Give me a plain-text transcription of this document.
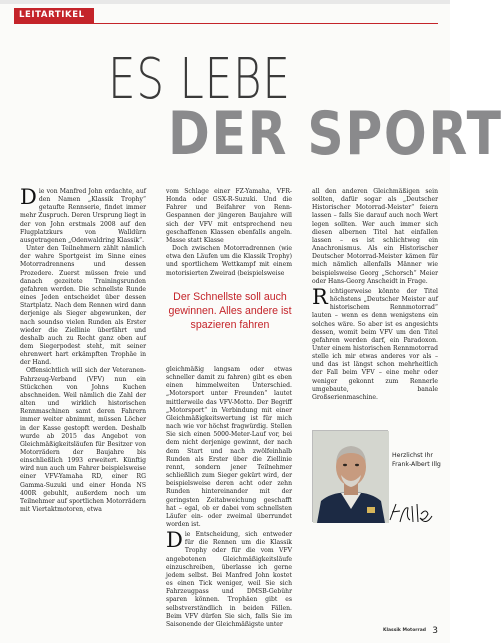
LEITARTIKEL
ES LEBE
DER SPORT

Die von Manfred John erdachte, auf den Namen „Klassik Trophy“ getaufte Rennserie, findet immer mehr Zuspruch. Deren Ursprung liegt in der von John erstmals 2008 auf den Flugplatzkurs von Walldürn ausgetragenen „Odenwaldring Klassik“.

Unter den Teilnehmern zählt nämlich der wahre Sportgeist im Sinne eines Motorradrennens und dessen Prozedere. Zuerst müssen freie und danach gezeitete Trainingsrunden gefahren werden. Die schnellste Runde eines Jeden entscheidet über dessen Startplatz. Nach dem Rennen wird dann derjenige als Sieger abgewunken, der nach soundso vielen Runden als Erster wieder die Ziellinie überfährt und deshalb auch zu Recht ganz oben auf dem Siegerpodest steht, mit seiner ehrenwert hart erkämpften Trophäe in der Hand.

Offensichtlich will sich der Veteranen-Fahrzeug-Verband (VFV) nun ein Stückchen von Johns Kuchen abschneiden. Weil nämlich die Zahl der alten und wirklich historischen Rennmaschinen samt deren Fahrern immer weiter abnimmt, müssen Löcher in der Kasse gestopft werden. Deshalb wurde ab 2015 das Angebot von Gleichmäßigkeitsläufen für Besitzer von Motorrädern der Baujahre bis einschließlich 1993 erweitert. Künftig wird nun auch um Fahrer beispielsweise einer VFV-Yamaha RD, einer RG Gamma-Suzuki und einer Honda NS 400R gebuhlt, außerdem noch um Teilnehmer auf sportlichen Motorrädern mit Viertaktmotoren, etwa

vom Schlage einer FZ-Yamaha, VFR-Honda oder GSX-R-Suzuki. Und die Fahrer und Beifahrer von Renn-Gespannen der jüngeren Baujahre will sich der VFV mit entsprechend neu geschaffenen Klassen ebenfalls angeln. Masse statt Klasse

Doch zwischen Motorradrennen (wie etwa den Läufen um die Klassik Trophy) und sportlichem Wettkampf mit einem motorisierten Zweirad (beispielsweise

Der Schnellste soll auch gewinnen. Alles andere ist spazieren fahren

gleichmäßig langsam oder etwas schneller damit zu fahren) gibt es eben einen himmelweiten Unterschied. „Motorsport unter Freunden“ lautet mittlerweile das VFV-Motto. Der Begriff „Motorsport“ in Verbindung mit einer Gleichmäßigkeitswertung ist für mich nach wie vor höchst fragwürdig. Stellen Sie sich einen 5000-Meter-Lauf vor, bei dem nicht derjenige gewinnt, der nach dem Start und nach zwölfeinhalb Runden als Erster über die Ziellinie rennt, sondern jener Teilnehmer schließlich zum Sieger gekürt wird, der beispielsweise deren acht oder zehn Runden hintereinander mit der geringsten Zeitabweichung geschafft hat – egal, ob er dabei vom schnellsten Läufer ein- oder zweimal überrundet worden ist.

Die Entscheidung, sich entweder für die Rennen um die Klassik Trophy oder für die vom VFV angebotenen Gleichmäßigkeitsläufe einzuschreiben, überlasse ich gerne jedem selbst. Bei Manfred John kostet es einen Tick weniger, weil Sie sich Fahrzeugpass und DMSB-Gebühr sparen können. Trophäen gibt es selbstverständlich in beiden Fällen. Beim VFV dürfen Sie sich, falls Sie im Saisonende der Gleichmäßigste unter

all den anderen Gleichmäßigen sein sollten, dafür sogar als „Deutscher Historischer Motorrad-Meister“ feiern lassen – falls Sie darauf auch noch Wert legen sollten. Wer auch immer sich diesen albernen Titel hat einfallen lassen – es ist schlichtweg ein Anachronismus. Als ein Historischer Deutscher Motorrad-Meister kämen für mich nämlich allenfalls Männer wie beispielsweise Georg „Schorsch“ Meier oder Hans-Georg Anscheidt in Frage.

Richtigerweise könnte der Titel höchstens „Deutscher Meister auf historischem Rennmotorrad“ lauten – wenn es denn wenigstens ein solches wäre. So aber ist es angesichts dessen, womit beim VFV um den Titel gefahren werden darf, ein Paradoxon. Unter einem historischen Rennmotorrad stelle ich mir etwas anderes vor als – und das ist längst schon mehrheitlich der Fall beim VFV – eine mehr oder weniger gekonnt zum Rennerle umgebaute, banale Großserienmaschine.

Herzlichst Ihr Frank-Albert Illg
Klassik Motorrad 3
